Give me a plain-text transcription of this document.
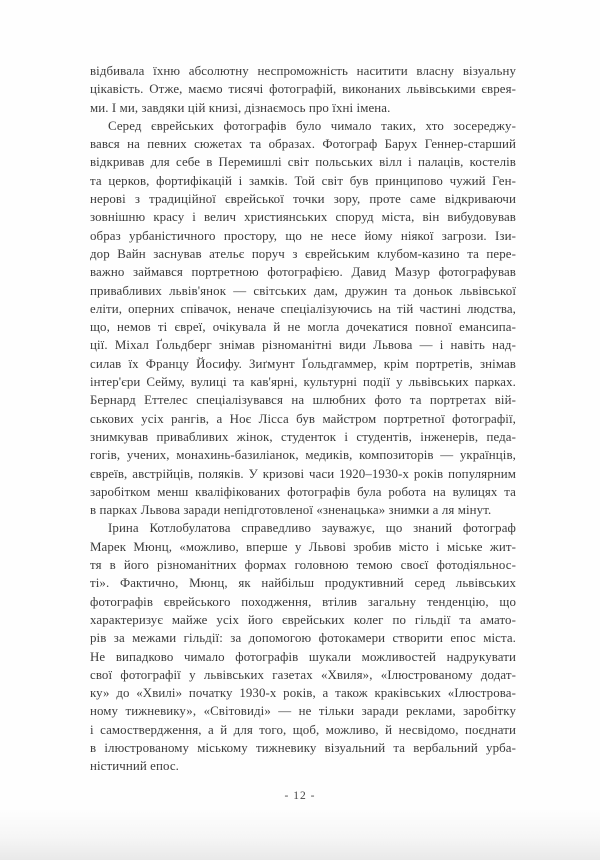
відбивала їхню абсолютну неспроможність наситити власну візуальну
цікавість. Отже, маємо тисячі фотографій, виконаних львівськими єврея-
ми. І ми, завдяки цій книзі, дізнаємось про їхні імена.
Серед єврейських фотографів було чимало таких, хто зосереджу-
вався на певних сюжетах та образах. Фотограф Барух Геннер-старший
відкривав для себе в Перемишлі світ польських вілл і палаців, костелів
та церков, фортифікацій і замків. Той світ був принципово чужий Ген-
нерові з традиційної єврейської точки зору, проте саме відкриваючи
зовнішню красу і велич християнських споруд міста, він вибудовував
образ урбаністичного простору, що не несе йому ніякої загрози. Ізи-
дор Вайн заснував ательє поруч з єврейським клубом-казино та пере-
важно займався портретною фотографією. Давид Мазур фотографував
привабливих львів'янок — світських дам, дружин та доньок львівської
еліти, оперних співачок, неначе спеціалізуючись на тій частині людства,
що, немов ті євреї, очікувала й не могла дочекатися повної емансипа-
ції. Міхал Ґольдберг знімав різноманітні види Львова — і навіть над-
силав їх Францу Йосифу. Зиґмунт Ґольдгаммер, крім портретів, знімав
інтер'єри Сейму, вулиці та кав'ярні, культурні події у львівських парках.
Бернард Еттелес спеціалізувався на шлюбних фото та портретах вій-
ськових усіх рангів, а Ноє Лісса був майстром портретної фотографії,
знимкував привабливих жінок, студенток і студентів, інженерів, педа-
гогів, учених, монахинь-базиліанок, медиків, композиторів — українців,
євреїв, австрійців, поляків. У кризові часи 1920–1930-х років популярним
заробітком менш кваліфікованих фотографів була робота на вулицях та
в парках Львова заради непідготовленої «зненацька» знимки а ля мінут.
Ірина Котлобулатова справедливо зауважує, що знаний фотограф
Марек Мюнц, «можливо, вперше у Львові зробив місто і міське жит-
тя в його різноманітних формах головною темою своєї фотодіяльнос-
ті». Фактично, Мюнц, як найбільш продуктивний серед львівських
фотографів єврейського походження, втілив загальну тенденцію, що
характеризує майже усіх його єврейських колег по гільдії та амато-
рів за межами гільдії: за допомогою фотокамери створити епос міста.
Не випадково чимало фотографів шукали можливостей надрукувати
свої фотографії у львівських газетах «Хвиля», «Ілюстрованому додат-
ку» до «Хвилі» початку 1930-х років, а також краківських «Ілюстрова-
ному тижневику», «Світовиді» — не тільки заради реклами, заробітку
і самоствердження, а й для того, щоб, можливо, й несвідомо, поєднати
в ілюстрованому міському тижневику візуальний та вербальний урба-
ністичний епос.
- 12 -
